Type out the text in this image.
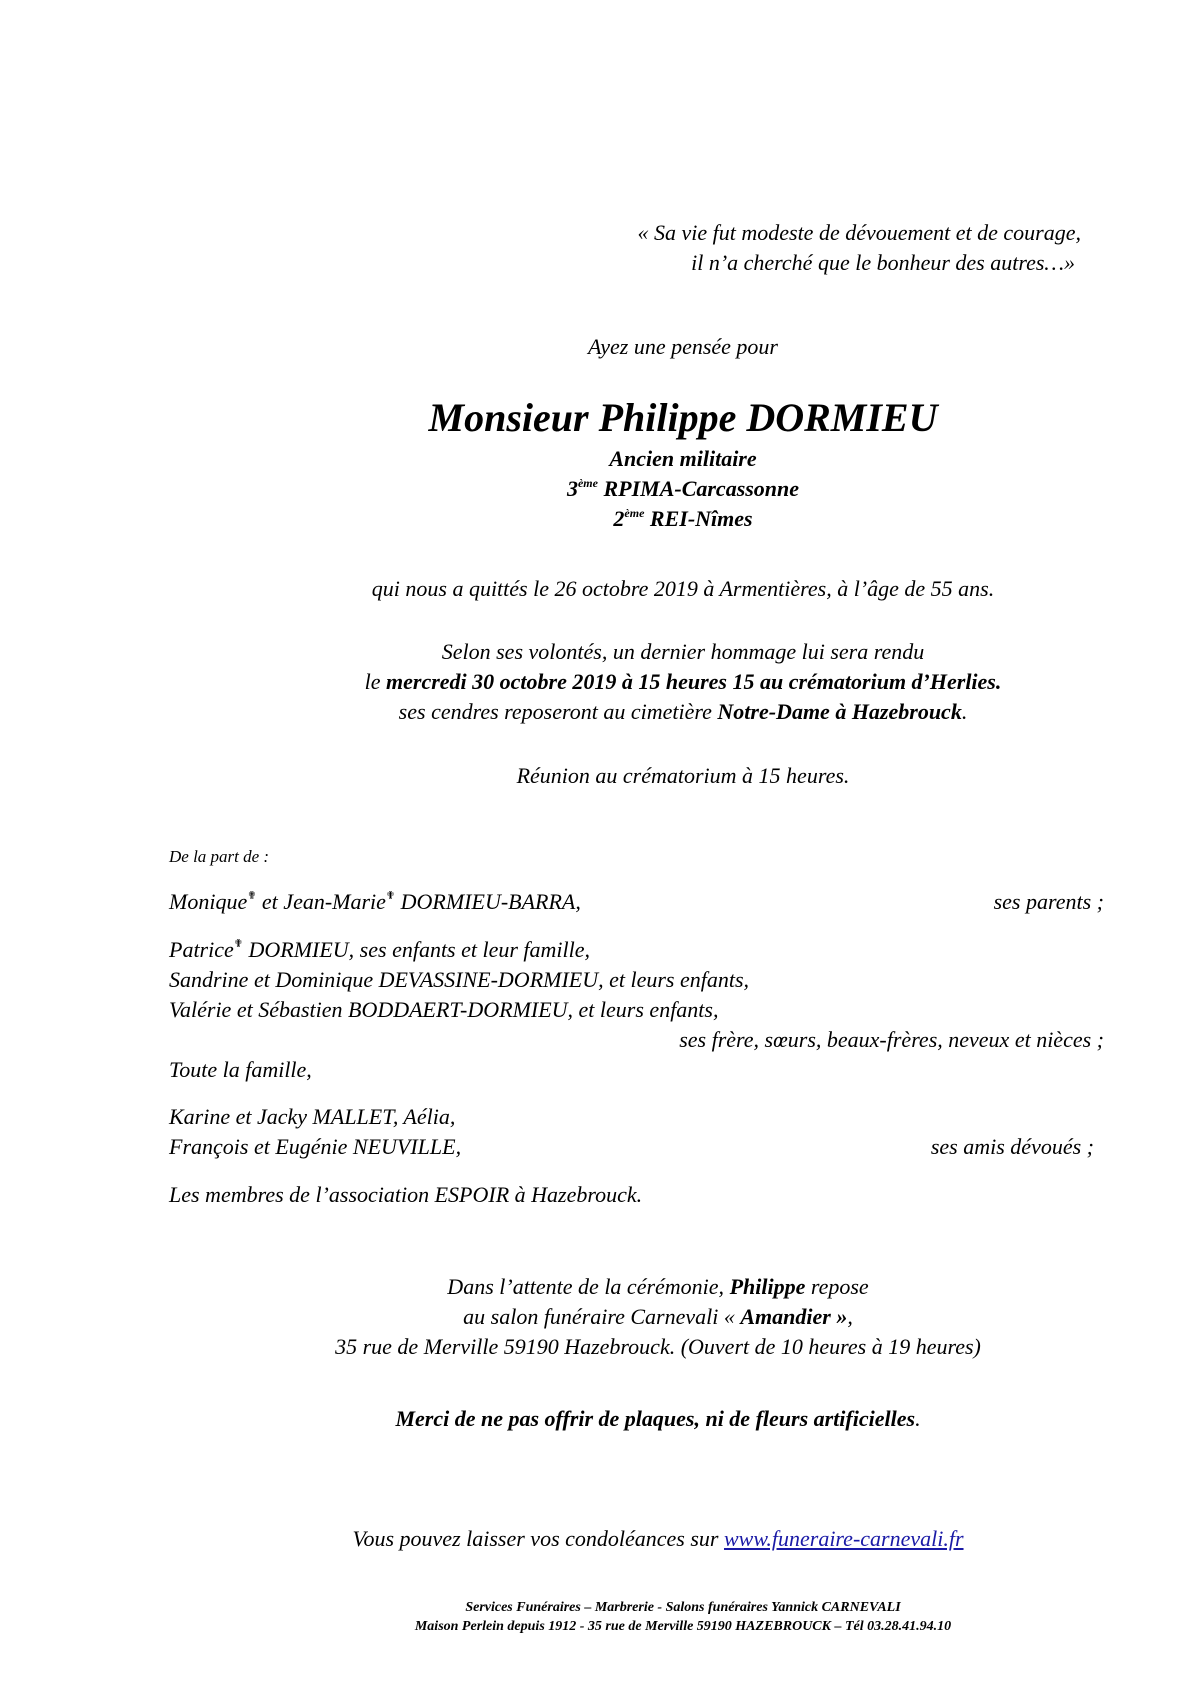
« Sa vie fut modeste de dévouement et de courage,
il n’a cherché que le bonheur des autres…»
Ayez une pensée pour
Monsieur Philippe DORMIEU
Ancien militaire
3ème RPIMA-Carcassonne
2ème REI-Nîmes
qui nous a quittés le 26 octobre 2019 à Armentières, à l’âge de 55 ans.
Selon ses volontés, un dernier hommage lui sera rendu
le mercredi 30 octobre 2019 à 15 heures 15 au crématorium d’Herlies.
ses cendres reposeront au cimetière Notre-Dame à Hazebrouck.
Réunion au crématorium à 15 heures.
De la part de :
Monique✟ et Jean-Marie✟ DORMIEU-BARRA,	ses parents ;
Patrice✟ DORMIEU, ses enfants et leur famille,
Sandrine et Dominique DEVASSINE-DORMIEU, et leurs enfants,
Valérie et Sébastien BODDAERT-DORMIEU, et leurs enfants,
ses frère, sœurs, beaux-frères, neveux et nièces ;
Toute la famille,
Karine et Jacky MALLET, Aélia,
François et Eugénie NEUVILLE,	ses amis dévoués ;
Les membres de l’association ESPOIR à Hazebrouck.
Dans l’attente de la cérémonie, Philippe repose
au salon funéraire Carnevali « Amandier »,
35 rue de Merville 59190 Hazebrouck. (Ouvert de 10 heures à 19 heures)
Merci de ne pas offrir de plaques, ni de fleurs artificielles.
Vous pouvez laisser vos condoléances sur www.funeraire-carnevali.fr
Services Funéraires – Marbrerie - Salons funéraires Yannick CARNEVALI
Maison Perlein depuis 1912 - 35 rue de Merville 59190 HAZEBROUCK – Tél 03.28.41.94.10
